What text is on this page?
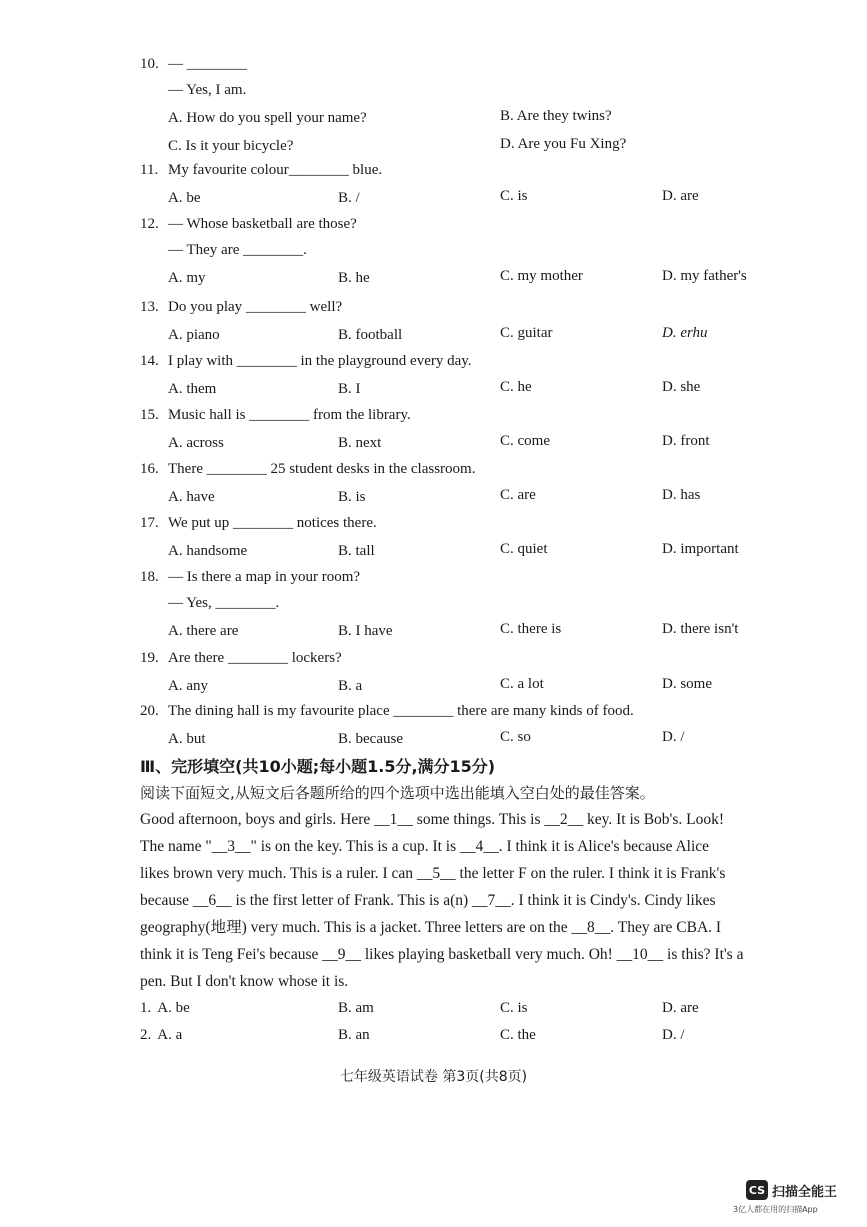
10. — ________
— Yes, I am.
A. How do you spell your name?	B. Are they twins?
C. Is it your bicycle?	D. Are you Fu Xing?
11. My favourite colour________ blue.
A. be	B. /	C. is	D. are
12. — Whose basketball are those?
— They are ________.
A. my	B. he	C. my mother	D. my father's
13. Do you play ________ well?
A. piano	B. football	C. guitar	D. erhu
14. I play with ________ in the playground every day.
A. them	B. I	C. he	D. she
15. Music hall is ________ from the library.
A. across	B. next	C. come	D. front
16. There ________ 25 student desks in the classroom.
A. have	B. is	C. are	D. has
17. We put up ________ notices there.
A. handsome	B. tall	C. quiet	D. important
18. — Is there a map in your room?
— Yes, ________.
A. there are	B. I have	C. there is	D. there isn't
19. Are there ________ lockers?
A. any	B. a	C. a lot	D. some
20. The dining hall is my favourite place ________ there are many kinds of food.
A. but	B. because	C. so	D. /
Ⅲ、完形填空(共10小题;每小题1.5分,满分15分)
阅读下面短文,从短文后各题所给的四个选项中选出能填入空白处的最佳答案。
Good afternoon, boys and girls. Here __1__ some things. This is __2__ key. It is Bob's. Look!
The name "__3__" is on the key. This is a cup. It is __4__. I think it is Alice's because Alice
likes brown very much. This is a ruler. I can __5__ the letter F on the ruler. I think it is Frank's
because __6__ is the first letter of Frank. This is a(n) __7__. I think it is Cindy's. Cindy likes
geography(地理) very much. This is a jacket. Three letters are on the __8__. They are CBA. I
think it is Teng Fei's because __9__ likes playing basketball very much. Oh! __10__ is this? It's a
pen. But I don't know whose it is.
1. A. be	B. am	C. is	D. are
2. A. a	B. an	C. the	D. /
七年级英语试卷 第3页(共8页)
CS 扫描全能王
3亿人都在用的扫描App
